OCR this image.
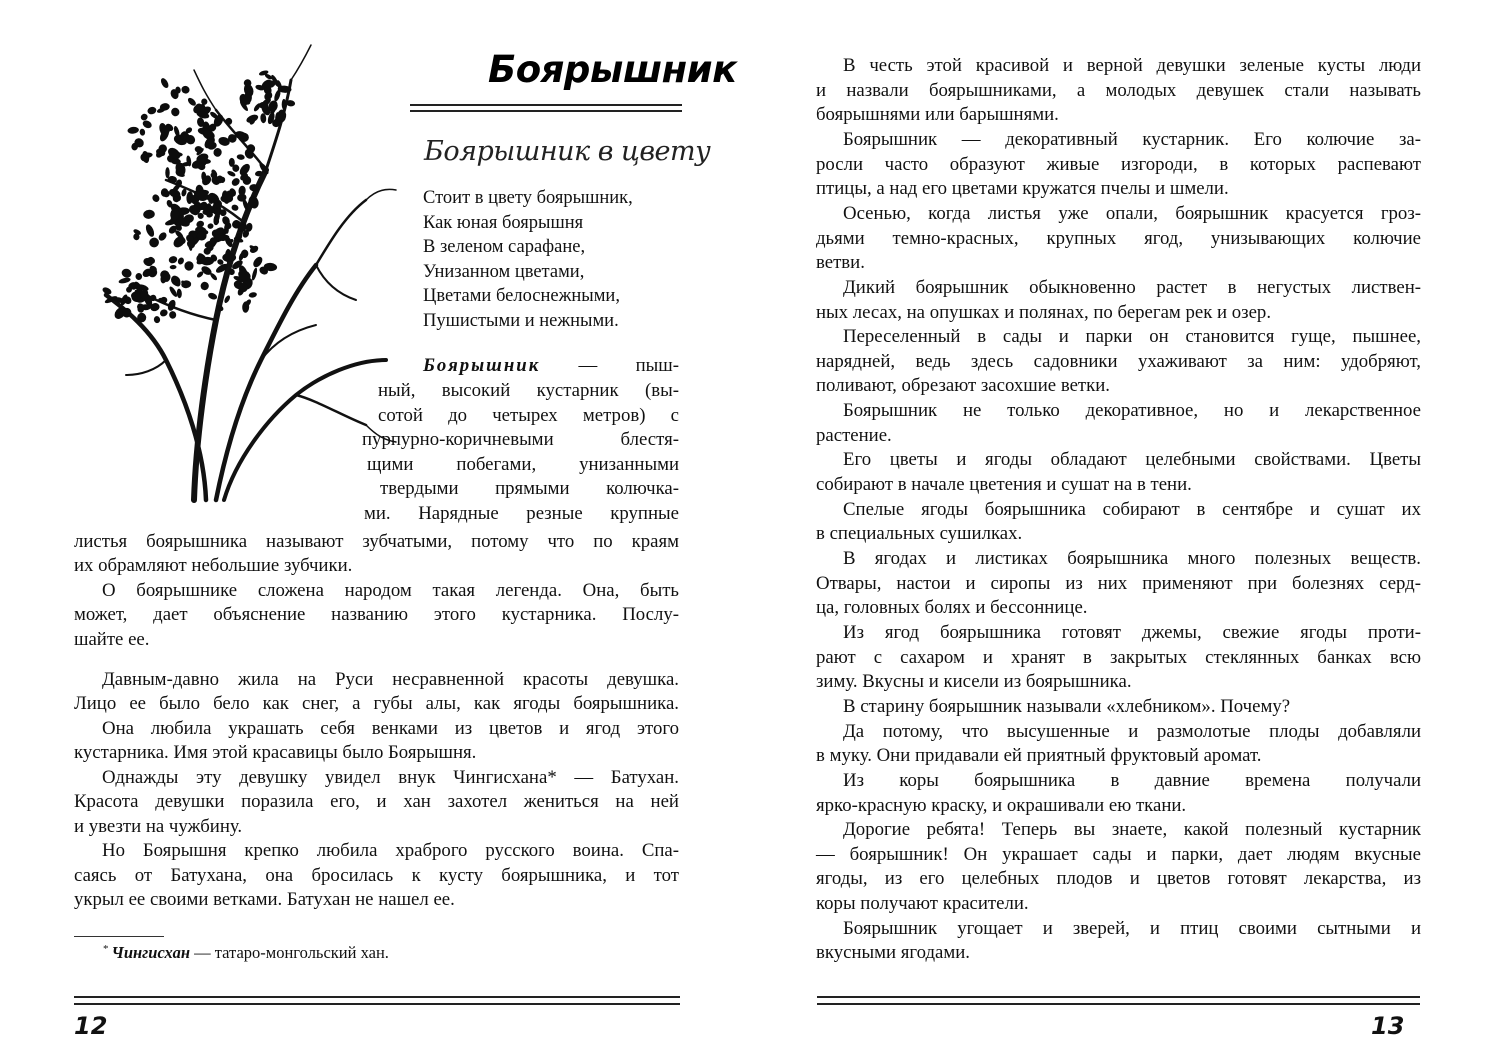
Боярышник
Боярышник в цвету
Стоит в цвету боярышник,
Как юная боярышня
В зеленом сарафане,
Унизанном цветами,
Цветами белоснежными,
Пушистыми и нежными.
Боярышник — пыш-
ный, высокий кустарник (вы-
сотой до четырех метров) с
пурпурно-коричневыми блестя-
щими побегами, унизанными
твердыми прямыми колючка-
ми. Нарядные резные крупные
листья боярышника называют зубчатыми, потому что по краям
их обрамляют небольшие зубчики.
О боярышнике сложена народом такая легенда. Она, быть
может, дает объяснение названию этого кустарника. Послу-
шайте ее.
Давным-давно жила на Руси несравненной красоты девушка.
Лицо ее было бело как снег, а губы алы, как ягоды боярышника.
Она любила украшать себя венками из цветов и ягод этого
кустарника. Имя этой красавицы было Боярышня.
Однажды эту девушку увидел внук Чингисхана* — Батухан.
Красота девушки поразила его, и хан захотел жениться на ней
и увезти на чужбину.
Но Боярышня крепко любила храброго русского воина. Спа-
саясь от Батухана, она бросилась к кусту боярышника, и тот
укрыл ее своими ветками. Батухан не нашел ее.
* Чингисхан — татаро-монгольский хан.
12
В честь этой красивой и верной девушки зеленые кусты люди
и назвали боярышниками, а молодых девушек стали называть
боярышнями или барышнями.
Боярышник — декоративный кустарник. Его колючие за-
росли часто образуют живые изгороди, в которых распевают
птицы, а над его цветами кружатся пчелы и шмели.
Осенью, когда листья уже опали, боярышник красуется грoз-
дьями темно-красных, крупных ягод, унизывающих колючие
ветви.
Дикий боярышник обыкновенно растет в негустых листвен-
ных лесах, на опушках и полянах, по берегам рек и озер.
Переселенный в сады и парки он становится гуще, пышнее,
нарядней, ведь здесь садовники ухаживают за ним: удобряют,
поливают, обрезают засохшие ветки.
Боярышник не только декоративное, но и лекарственное
растение.
Его цветы и ягоды обладают целебными свойствами. Цветы
собирают в начале цветения и сушат на в тени.
Спелые ягоды боярышника собирают в сентябре и сушат их
в специальных сушилках.
В ягодах и листиках боярышника много полезных веществ.
Отвары, настои и сиропы из них применяют при болезнях серд-
ца, головных болях и бессоннице.
Из ягод боярышника готовят джемы, свежие ягоды проти-
рают с сахаром и хранят в закрытых стеклянных банках всю
зиму. Вкусны и кисели из боярышника.
В старину боярышник называли «хлебником». Почему?
Да потому, что высушенные и размолотые плоды добавляли
в муку. Они придавали ей приятный фруктовый аромат.
Из коры боярышника в давние времена получали
ярко-красную краску, и окрашивали ею ткани.
Дорогие ребята! Теперь вы знаете, какой полезный кустарник
— боярышник! Он украшает сады и парки, дает людям вкусные
ягоды, из его целебных плодов и цветов готовят лекарства, из
коры получают красители.
Боярышник угощает и зверей, и птиц своими сытными и
вкусными ягодами.
13
